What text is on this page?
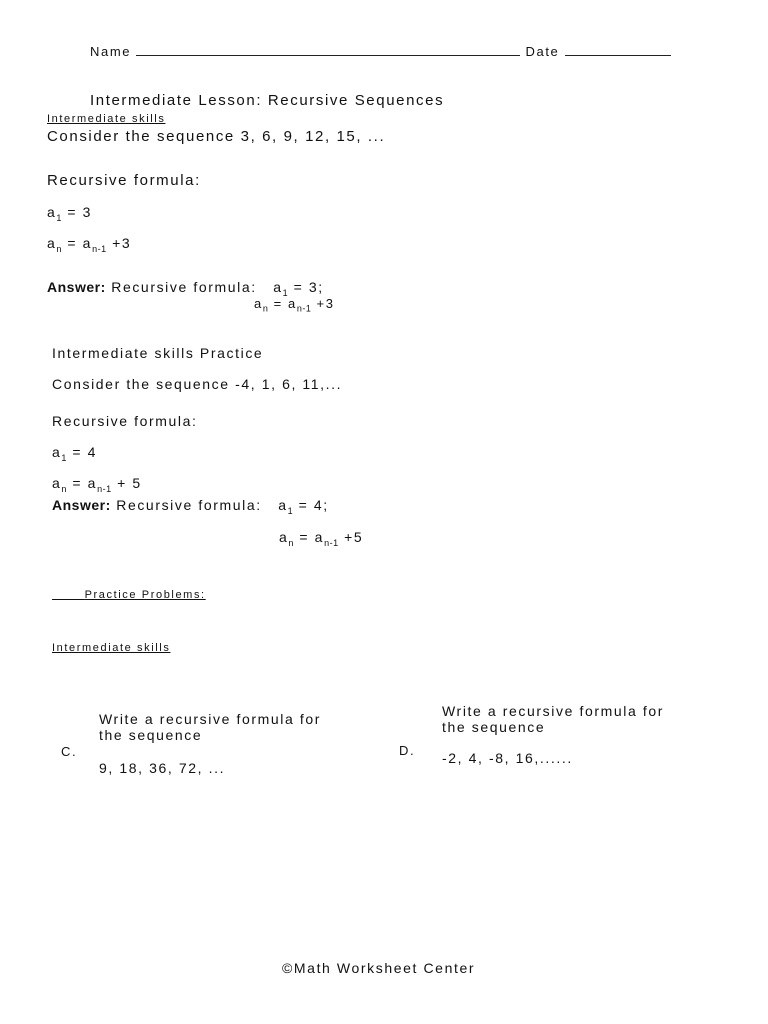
Name	Date
Intermediate Lesson: Recursive Sequences
Intermediate skills
Consider the sequence 3, 6, 9, 12, 15, ...
Recursive formula:
$a_1 = 3$
$a_n = a_{n-1} +3$
Answer: Recursive formula:   $a_1 = 3$;
$a_n = a_{n-1} +3$
Intermediate skills Practice
Consider the sequence -4, 1, 6, 11,...
Recursive formula:
$a_1 = 4$
$a_n = a_{n-1} + 5$
Answer: Recursive formula:   $a_1 = 4$;
$a_n = a_{n-1} +5$
Practice Problems:
Intermediate skills
C.
Write a recursive formula for
the sequence
9, 18, 36, 72, ...
D.
Write a recursive formula for
the sequence
-2, 4, -8, 16,......
©Math Worksheet Center
